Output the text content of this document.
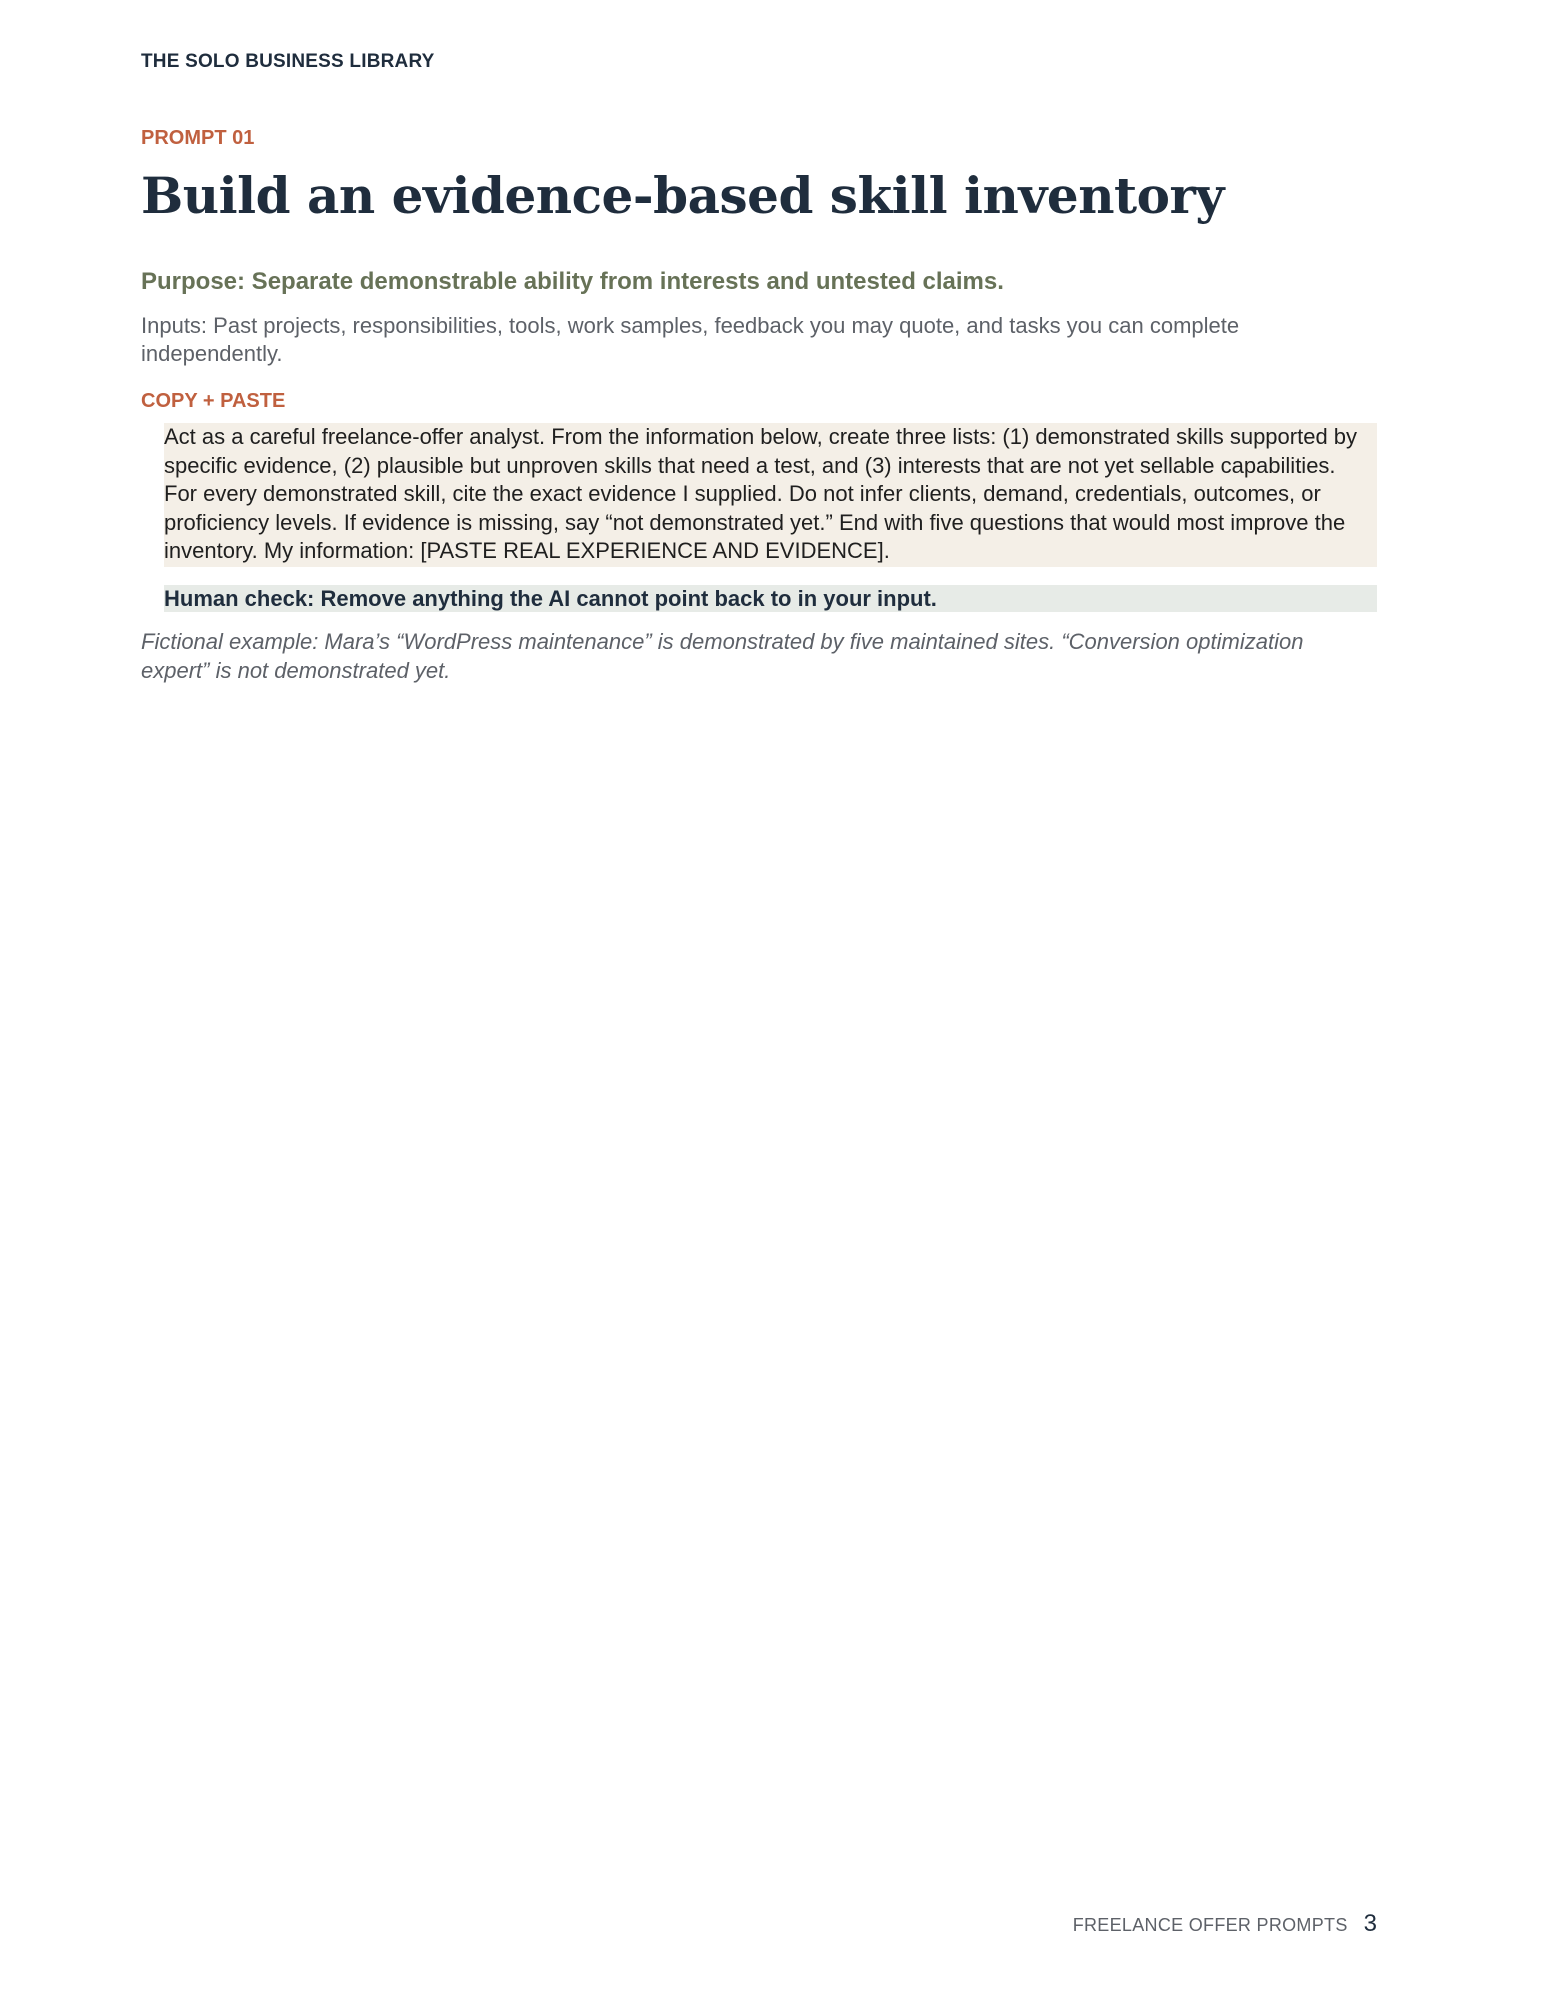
THE SOLO BUSINESS LIBRARY
PROMPT 01
Build an evidence-based skill inventory
Purpose: Separate demonstrable ability from interests and untested claims.
Inputs: Past projects, responsibilities, tools, work samples, feedback you may quote, and tasks you can complete independently.
COPY + PASTE
Act as a careful freelance-offer analyst. From the information below, create three lists: (1) demonstrated skills supported by specific evidence, (2) plausible but unproven skills that need a test, and (3) interests that are not yet sellable capabilities. For every demonstrated skill, cite the exact evidence I supplied. Do not infer clients, demand, credentials, outcomes, or proficiency levels. If evidence is missing, say “not demonstrated yet.” End with five questions that would most improve the inventory. My information: [PASTE REAL EXPERIENCE AND EVIDENCE].
Human check: Remove anything the AI cannot point back to in your input.
Fictional example: Mara’s “WordPress maintenance” is demonstrated by five maintained sites. “Conversion optimization expert” is not demonstrated yet.
FREELANCE OFFER PROMPTS 3
